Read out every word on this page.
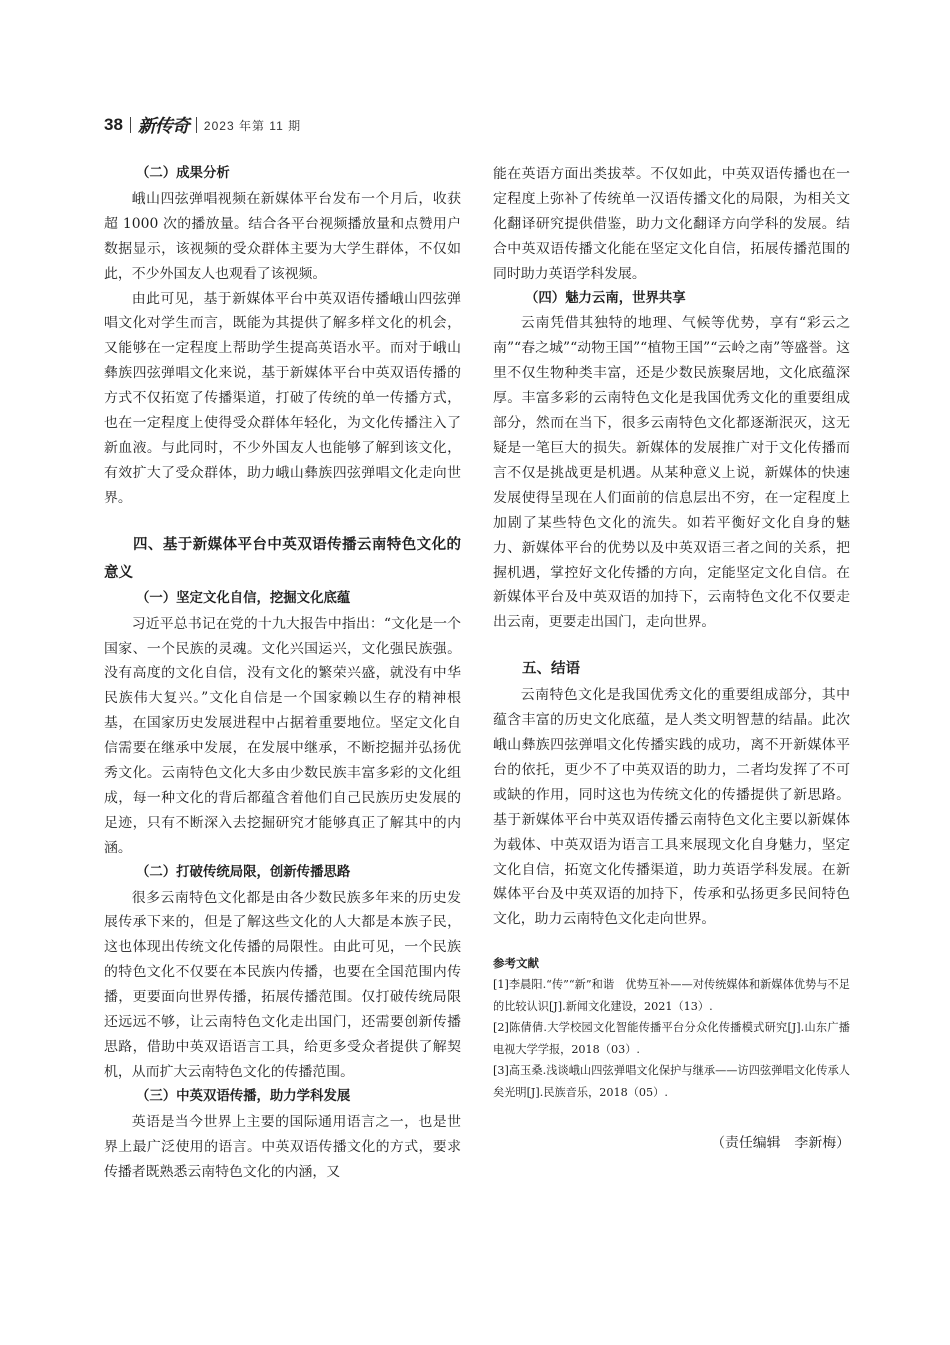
38 新传奇 2023 年第 11 期

（二）成果分析

峨山四弦弹唱视频在新媒体平台发布一个月后，收获超 1000 次的播放量。结合各平台视频播放量和点赞用户数据显示，该视频的受众群体主要为大学生群体，不仅如此，不少外国友人也观看了该视频。

由此可见，基于新媒体平台中英双语传播峨山四弦弹唱文化对学生而言，既能为其提供了解多样文化的机会，又能够在一定程度上帮助学生提高英语水平。而对于峨山彝族四弦弹唱文化来说，基于新媒体平台中英双语传播的方式不仅拓宽了传播渠道，打破了传统的单一传播方式，也在一定程度上使得受众群体年轻化，为文化传播注入了新血液。与此同时，不少外国友人也能够了解到该文化，有效扩大了受众群体，助力峨山彝族四弦弹唱文化走向世界。

四、基于新媒体平台中英双语传播云南特色文化的意义

（一）坚定文化自信，挖掘文化底蕴

习近平总书记在党的十九大报告中指出：“文化是一个国家、一个民族的灵魂。文化兴国运兴，文化强民族强。没有高度的文化自信，没有文化的繁荣兴盛，就没有中华民族伟大复兴。”文化自信是一个国家赖以生存的精神根基，在国家历史发展进程中占据着重要地位。坚定文化自信需要在继承中发展，在发展中继承，不断挖掘并弘扬优秀文化。云南特色文化大多由少数民族丰富多彩的文化组成，每一种文化的背后都蕴含着他们自己民族历史发展的足迹，只有不断深入去挖掘研究才能够真正了解其中的内涵。

（二）打破传统局限，创新传播思路

很多云南特色文化都是由各少数民族多年来的历史发展传承下来的，但是了解这些文化的人大都是本族子民，这也体现出传统文化传播的局限性。由此可见，一个民族的特色文化不仅要在本民族内传播，也要在全国范围内传播，更要面向世界传播，拓展传播范围。仅打破传统局限还远远不够，让云南特色文化走出国门，还需要创新传播思路，借助中英双语语言工具，给更多受众者提供了解契机，从而扩大云南特色文化的传播范围。

（三）中英双语传播，助力学科发展

英语是当今世界上主要的国际通用语言之一，也是世界上最广泛使用的语言。中英双语传播文化的方式，要求传播者既熟悉云南特色文化的内涵，又

能在英语方面出类拔萃。不仅如此，中英双语传播也在一定程度上弥补了传统单一汉语传播文化的局限，为相关文化翻译研究提供借鉴，助力文化翻译方向学科的发展。结合中英双语传播文化能在坚定文化自信，拓展传播范围的同时助力英语学科发展。

（四）魅力云南，世界共享

云南凭借其独特的地理、气候等优势，享有“彩云之南”“春之城”“动物王国”“植物王国”“云岭之南”等盛誉。这里不仅生物种类丰富，还是少数民族聚居地，文化底蕴深厚。丰富多彩的云南特色文化是我国优秀文化的重要组成部分，然而在当下，很多云南特色文化都逐渐泯灭，这无疑是一笔巨大的损失。新媒体的发展推广对于文化传播而言不仅是挑战更是机遇。从某种意义上说，新媒体的快速发展使得呈现在人们面前的信息层出不穷，在一定程度上加剧了某些特色文化的流失。如若平衡好文化自身的魅力、新媒体平台的优势以及中英双语三者之间的关系，把握机遇，掌控好文化传播的方向，定能坚定文化自信。在新媒体平台及中英双语的加持下，云南特色文化不仅要走出云南，更要走出国门，走向世界。

五、结语

云南特色文化是我国优秀文化的重要组成部分，其中蕴含丰富的历史文化底蕴，是人类文明智慧的结晶。此次峨山彝族四弦弹唱文化传播实践的成功，离不开新媒体平台的依托，更少不了中英双语的助力，二者均发挥了不可或缺的作用，同时这也为传统文化的传播提供了新思路。基于新媒体平台中英双语传播云南特色文化主要以新媒体为载体、中英双语为语言工具来展现文化自身魅力，坚定文化自信，拓宽文化传播渠道，助力英语学科发展。在新媒体平台及中英双语的加持下，传承和弘扬更多民间特色文化，助力云南特色文化走向世界。

参考文献

[1]李晨阳.“传”“新”和谐　优势互补——对传统媒体和新媒体优势与不足的比较认识[J].新闻文化建设，2021（13）.

[2]陈倩倩.大学校园文化智能传播平台分众化传播模式研究[J].山东广播电视大学学报，2018（03）.

[3]高玉桑.浅谈峨山四弦弹唱文化保护与继承——访四弦弹唱文化传承人矣光明[J].民族音乐，2018（05）.

（责任编辑　李新梅）
